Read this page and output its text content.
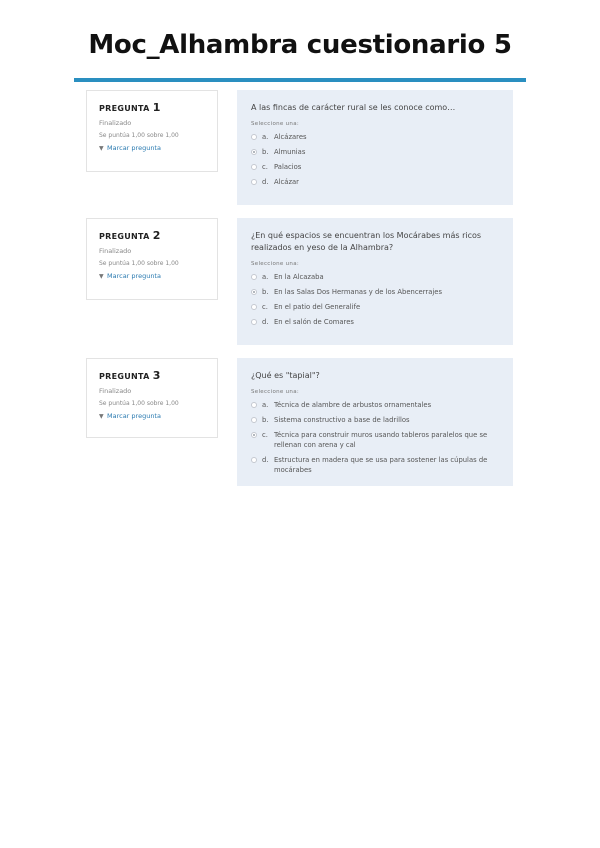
Moc_Alhambra cuestionario 5
PREGUNTA 1
Finalizado
Se puntúa 1,00 sobre 1,00
▼ Marcar pregunta
A las fincas de carácter rural se les conoce como…
Seleccione una:
a. Alcázares
b. Almunias
c. Palacios
d. Alcázar
PREGUNTA 2
Finalizado
Se puntúa 1,00 sobre 1,00
▼ Marcar pregunta
¿En qué espacios se encuentran los Mocárabes más ricos realizados en yeso de la Alhambra?
Seleccione una:
a. En la Alcazaba
b. En las Salas Dos Hermanas y de los Abencerrajes
c. En el patio del Generalife
d. En el salón de Comares
PREGUNTA 3
Finalizado
Se puntúa 1,00 sobre 1,00
▼ Marcar pregunta
¿Qué es "tapial"?
Seleccione una:
a. Técnica de alambre de arbustos ornamentales
b. Sistema constructivo a base de ladrillos
c. Técnica para construir muros usando tableros paralelos que se rellenan con arena y cal
d. Estructura en madera que se usa para sostener las cúpulas de mocárabes
